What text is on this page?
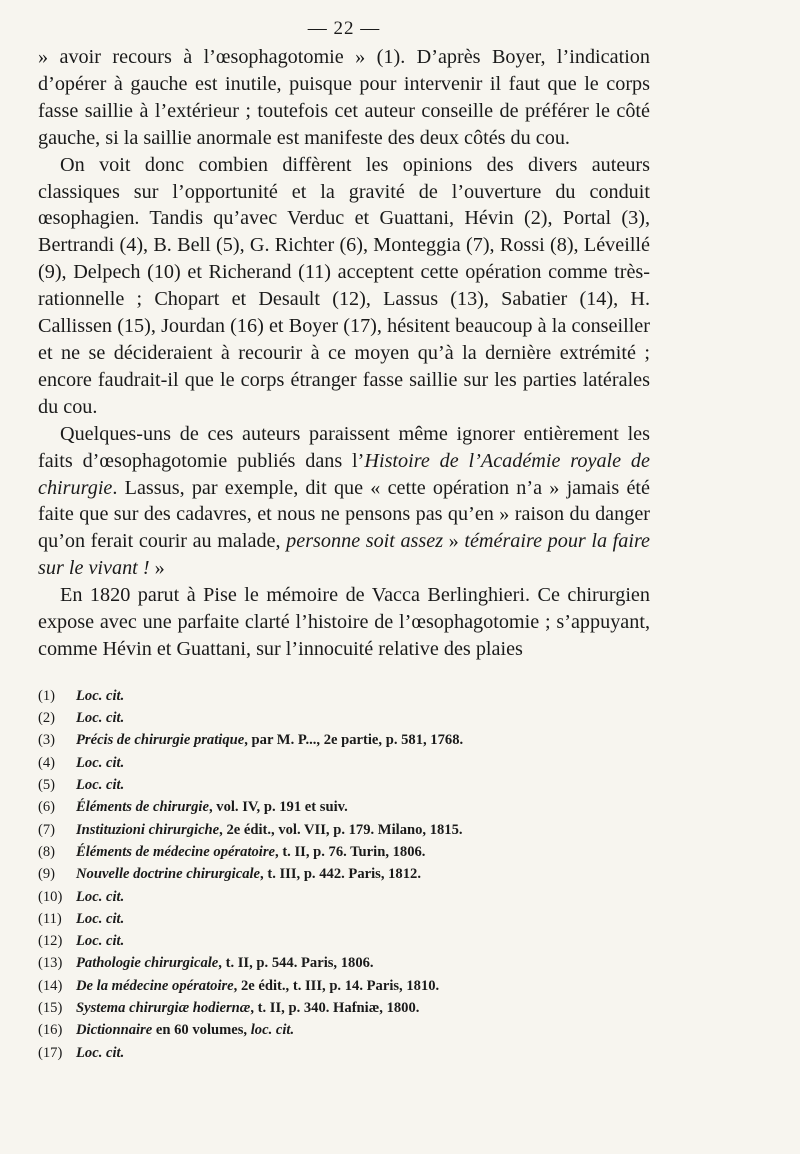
— 22 —

» avoir recours à l’œsophagotomie » (1). D’après Boyer, l’indication d’opérer à gauche est inutile, puisque pour intervenir il faut que le corps fasse saillie à l’extérieur ; toutefois cet auteur conseille de préférer le côté gauche, si la saillie anormale est manifeste des deux côtés du cou.

On voit donc combien diffèrent les opinions des divers auteurs classiques sur l’opportunité et la gravité de l’ouverture du conduit œsophagien. Tandis qu’avec Verduc et Guattani, Hévin (2), Portal (3), Bertrandi (4), B. Bell (5), G. Richter (6), Monteggia (7), Rossi (8), Léveillé (9), Delpech (10) et Richerand (11) acceptent cette opération comme très-rationnelle ; Chopart et Desault (12), Lassus (13), Sabatier (14), H. Callissen (15), Jourdan (16) et Boyer (17), hésitent beaucoup à la conseiller et ne se décideraient à recourir à ce moyen qu’à la dernière extrémité ; encore faudrait-il que le corps étranger fasse saillie sur les parties latérales du cou.

Quelques-uns de ces auteurs paraissent même ignorer entièrement les faits d’œsophagotomie publiés dans l’Histoire de l’Académie royale de chirurgie. Lassus, par exemple, dit que « cette opération n’a » jamais été faite que sur des cadavres, et nous ne pensons pas qu’en » raison du danger qu’on ferait courir au malade, personne soit assez » téméraire pour la faire sur le vivant ! »

En 1820 parut à Pise le mémoire de Vacca Berlinghieri. Ce chirurgien expose avec une parfaite clarté l’histoire de l’œsophagotomie ; s’appuyant, comme Hévin et Guattani, sur l’innocuité relative des plaies

(1)	Loc. cit.
(2)	Loc. cit.
(3)	Précis de chirurgie pratique, par M. P..., 2e partie, p. 581, 1768.
(4)	Loc. cit.
(5)	Loc. cit.
(6)	Éléments de chirurgie, vol. IV, p. 191 et suiv.
(7)	Instituzioni chirurgiche, 2e édit., vol. VII, p. 179. Milano, 1815.
(8)	Éléments de médecine opératoire, t. II, p. 76. Turin, 1806.
(9)	Nouvelle doctrine chirurgicale, t. III, p. 442. Paris, 1812.
(10) Loc. cit.
(11) Loc. cit.
(12) Loc. cit.
(13) Pathologie chirurgicale, t. II, p. 544. Paris, 1806.
(14) De la médecine opératoire, 2e édit., t. III, p. 14. Paris, 1810.
(15) Systema chirurgiæ hodiernæ, t. II, p. 340. Hafniæ, 1800.
(16) Dictionnaire en 60 volumes, loc. cit.
(17) Loc. cit.
